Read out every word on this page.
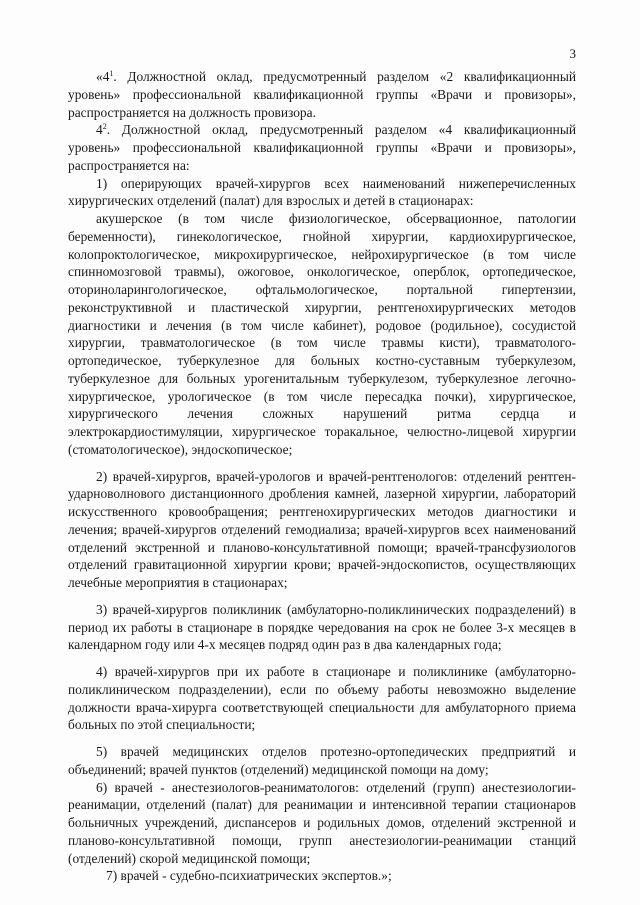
3

«$4^1$. Должностной оклад, предусмотренный разделом «2 квалификационный уровень» профессиональной квалификационной группы «Врачи и провизоры», распространяется на должность провизора.

$4^2$. Должностной оклад, предусмотренный разделом «4 квалификационный уровень» профессиональной квалификационной группы «Врачи и провизоры», распространяется на:

1) оперирующих врачей-хирургов всех наименований нижеперечисленных хирургических отделений (палат) для взрослых и детей в стационарах:

акушерское (в том числе физиологическое, обсервационное, патологии беременности), гинекологическое, гнойной хирургии, кардиохирургическое, колопроктологическое, микрохирургическое, нейрохирургическое (в том числе спинномозговой травмы), ожоговое, онкологическое, оперблок, ортопедическое, оториноларингологическое, офтальмологическое, портальной гипертензии, реконструктивной и пластической хирургии, рентгенохирургических методов диагностики и лечения (в том числе кабинет), родовое (родильное), сосудистой хирургии, травматологическое (в том числе травмы кисти), травматолого-ортопедическое, туберкулезное для больных костно-суставным туберкулезом, туберкулезное для больных урогенитальным туберкулезом, туберкулезное легочно-хирургическое, урологическое (в том числе пересадка почки), хирургическое, хирургического лечения сложных нарушений ритма сердца и электрокардиостимуляции, хирургическое торакальное, челюстно-лицевой хирургии (стоматологическое), эндоскопическое;

2) врачей-хирургов, врачей-урологов и врачей-рентгенологов: отделений рентген-ударноволнового дистанционного дробления камней, лазерной хирургии, лабораторий искусственного кровообращения; рентгенохирургических методов диагностики и лечения; врачей-хирургов отделений гемодиализа; врачей-хирургов всех наименований отделений экстренной и планово-консультативной помощи; врачей-трансфузиологов отделений гравитационной хирургии крови; врачей-эндоскопистов, осуществляющих лечебные мероприятия в стационарах;

3) врачей-хирургов поликлиник (амбулаторно-поликлинических подразделений) в период их работы в стационаре в порядке чередования на срок не более 3-х месяцев в календарном году или 4-х месяцев подряд один раз в два календарных года;

4) врачей-хирургов при их работе в стационаре и поликлинике (амбулаторно-поликлиническом подразделении), если по объему работы невозможно выделение должности врача-хирурга соответствующей специальности для амбулаторного приема больных по этой специальности;

5) врачей медицинских отделов протезно-ортопедических предприятий и объединений; врачей пунктов (отделений) медицинской помощи на дому;

6) врачей - анестезиологов-реаниматологов: отделений (групп) анестезиологии-реанимации, отделений (палат) для реанимации и интенсивной терапии стационаров больничных учреждений, диспансеров и родильных домов, отделений экстренной и планово-консультативной помощи, групп анестезиологии-реанимации станций (отделений) скорой медицинской помощи;

7) врачей - судебно-психиатрических экспертов.»;
